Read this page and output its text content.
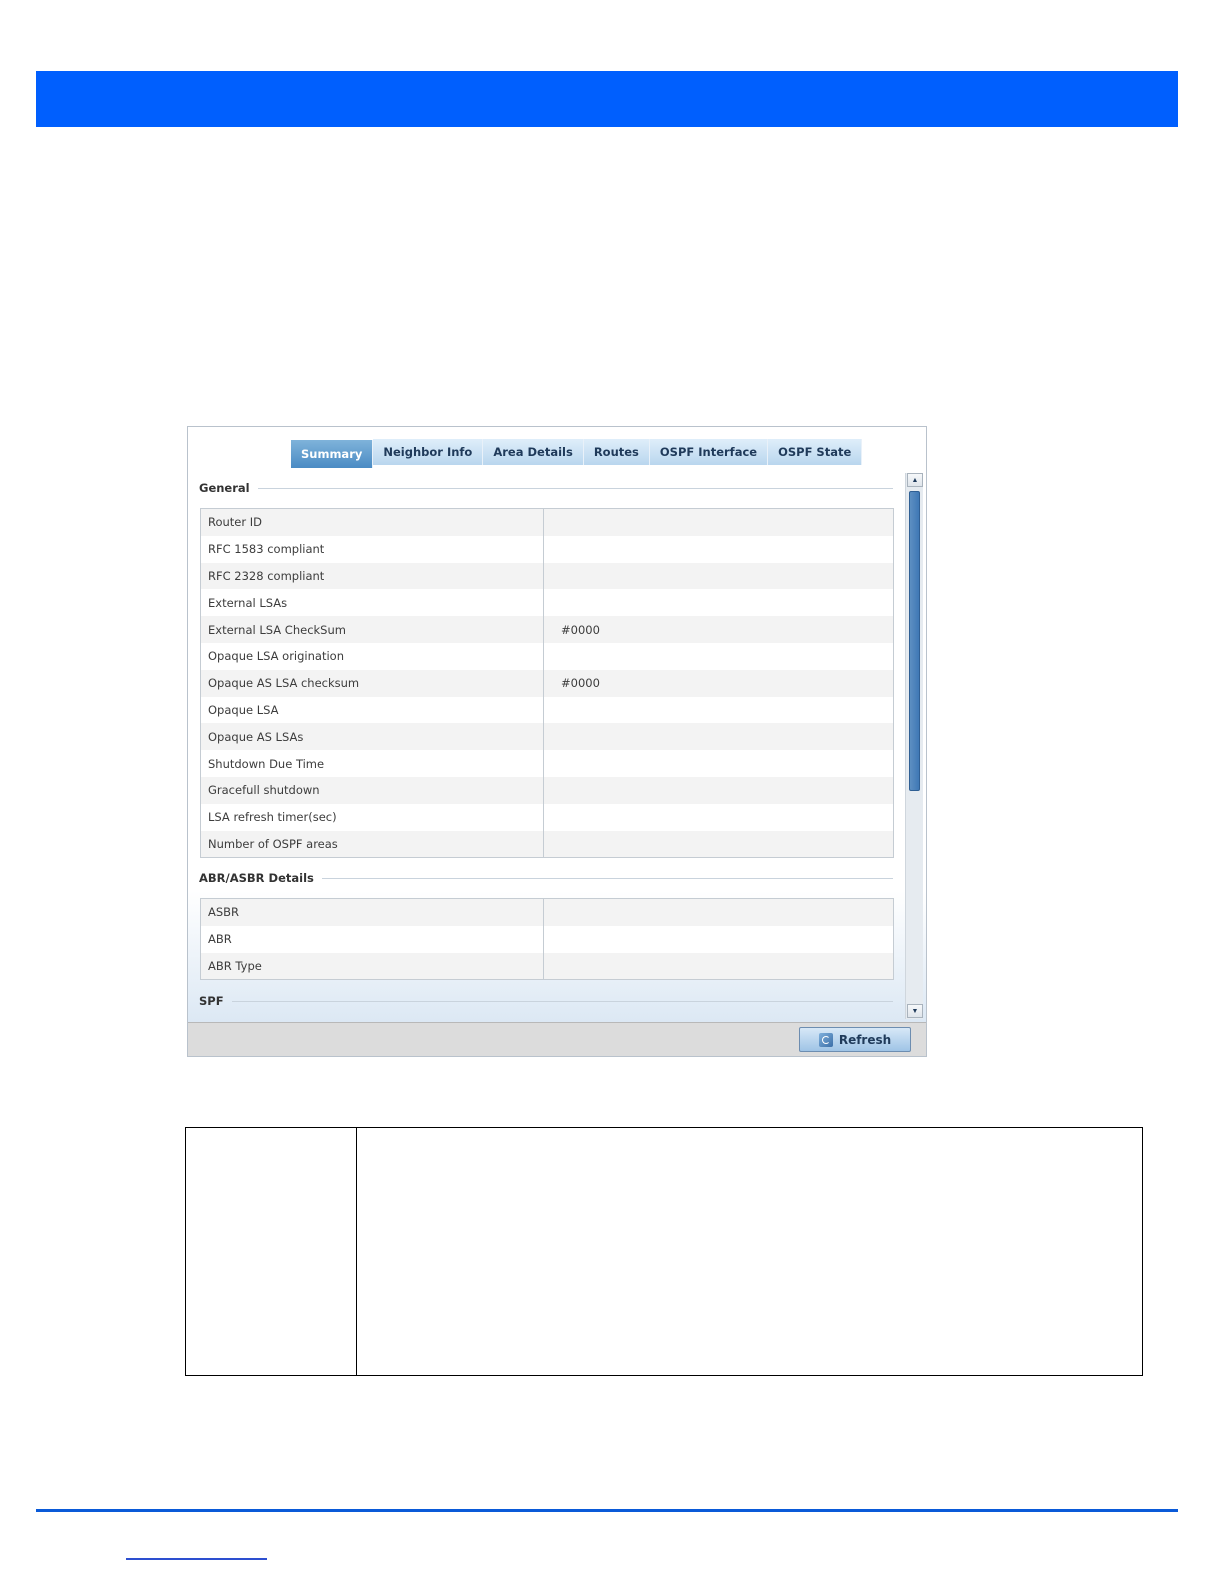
Summary	Neighbor Info	Area Details	Routes	OSPF Interface	OSPF State
General
Router ID
RFC 1583 compliant
RFC 2328 compliant
External LSAs
External LSA CheckSum	#0000
Opaque LSA origination
Opaque AS LSA checksum	#0000
Opaque LSA
Opaque AS LSAs
Shutdown Due Time
Gracefull shutdown
LSA refresh timer(sec)
Number of OSPF areas
ABR/ASBR Details
ASBR
ABR
ABR Type
SPF
▲
▼
Refresh
